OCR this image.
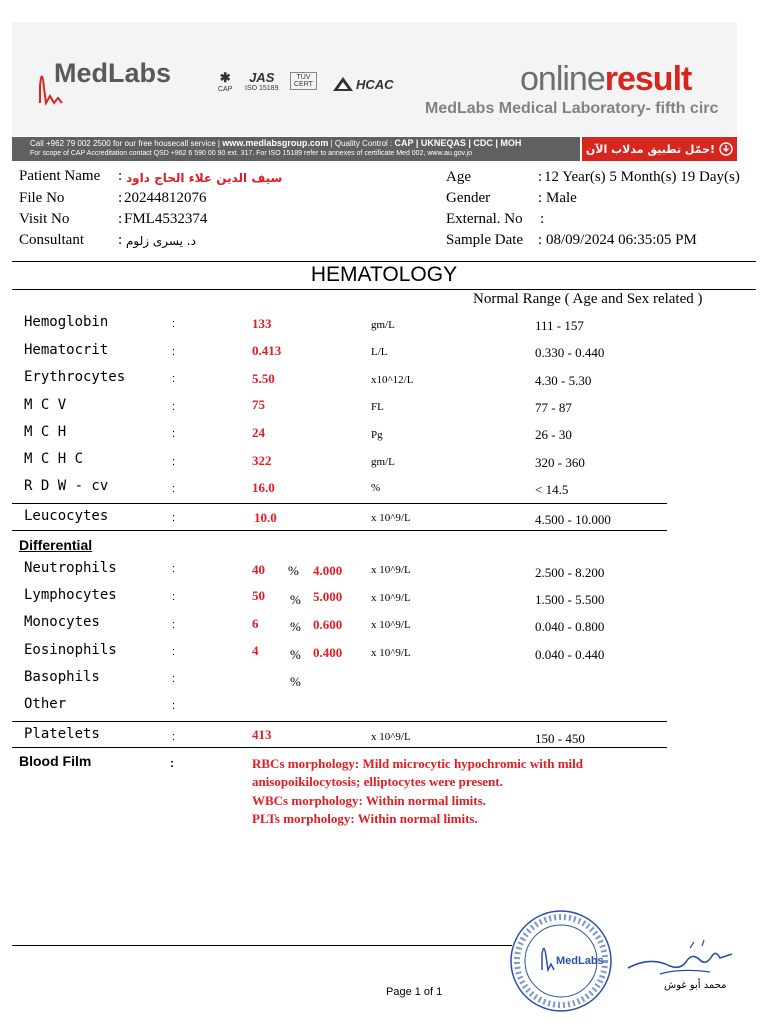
MedLabs	✱
CAP
JAS
ISO 15189
TÜV
CERT	HCAC	onlineresult
MedLabs Medical Laboratory- fifth circ
Call +962 79 002 2500 for our free housecall service | www.medlabsgroup.com | Quality Control : CAP | UKNEQAS | CDC | MOH
For scope of CAP Accreditation contact QSD +962 6 590 00 90 ext. 317. For ISO 15189 refer to annexes of certificate Med 002, www.au.gov.jo	حمّل تطبيق مدلاب الآن!
Patient Name : سيف الدين علاء الحاج داود
File No	: 20244812076
Visit No	: FML4532374
Consultant : د. يسرى زلوم
Age	: 12 Year(s) 5 Month(s) 19 Day(s)
Gender	: Male
External. No :
Sample Date : 08/09/2024 06:35:05 PM
HEMATOLOGY
Normal Range ( Age and Sex related )
Hemoglobin	:	133	gm/L	111 - 157
Hematocrit	:	0.413	L/L	0.330 - 0.440
Erythrocytes	:	5.50	x10^12/L	4.30 - 5.30
M C V	:	75	FL	77 - 87
M C H	:	24	Pg	26 - 30
M C H C	:	322	gm/L	320 - 360
R D W - cv	:	16.0	%	< 14.5
Leucocytes	:	10.0	x 10^9/L	4.500 - 10.000
Differential
Neutrophils	:	40 % 4.000	x 10^9/L	2.500 - 8.200
Lymphocytes	:	50 % 5.000	x 10^9/L	1.500 - 5.500
Monocytes	:	6 % 0.600	x 10^9/L	0.040 - 0.800
Eosinophils	:	4 % 0.400	x 10^9/L	0.040 - 0.440
Basophils	:	%
Other	:
Platelets	:	413	x 10^9/L	150 - 450
Blood Film	:	RBCs morphology: Mild microcytic hypochromic with mild
anisopoikilocytosis; elliptocytes were present.
WBCs morphology: Within normal limits.
PLTs morphology: Within normal limits.
Page 1 of 1
MedLabs
محمد أبو غوش
